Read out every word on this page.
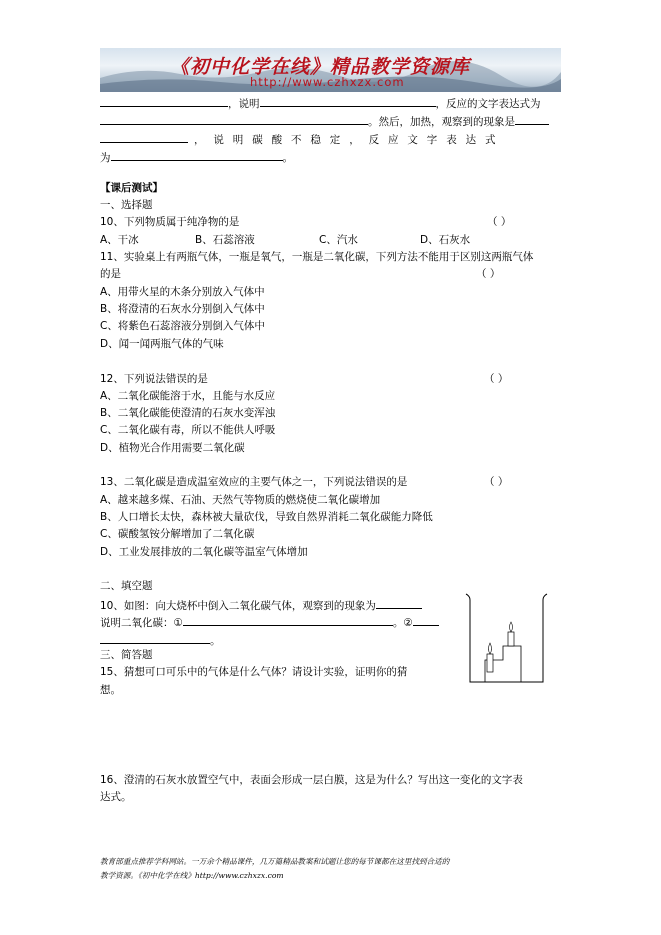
《初中化学在线》精品教学资源库
http://www.czhxzx.com
，说明	，反应的文字表达式为
。然后，加热，观察到的现象是
，说明碳酸不稳定，反应文字表达式
为	。
【课后测试】
一、选择题
10、下列物质属于纯净物的是	（ ）
A、干冰	B、石蕊溶液	C、汽水	D、石灰水
11、实验桌上有两瓶气体，一瓶是氧气，一瓶是二氧化碳，下列方法不能用于区别这两瓶气体
的是	（ ）
A、用带火星的木条分别放入气体中
B、将澄清的石灰水分别倒入气体中
C、将紫色石蕊溶液分别倒入气体中
D、闻一闻两瓶气体的气味
12、下列说法错误的是	（ ）
A、二氧化碳能溶于水，且能与水反应
B、二氧化碳能使澄清的石灰水变浑浊
C、二氧化碳有毒，所以不能供人呼吸
D、植物光合作用需要二氧化碳
13、二氧化碳是造成温室效应的主要气体之一，下列说法错误的是	（ ）
A、越来越多煤、石油、天然气等物质的燃烧使二氧化碳增加
B、人口增长太快，森林被大量砍伐，导致自然界消耗二氧化碳能力降低
C、碳酸氢铵分解增加了二氧化碳
D、工业发展排放的二氧化碳等温室气体增加
二、填空题
10、如图：向大烧杯中倒入二氧化碳气体，观察到的现象为
说明二氧化碳：①	。②
。
三、简答题
15、猜想可口可乐中的气体是什么气体？请设计实验，证明你的猜
想。
16、澄清的石灰水放置空气中，表面会形成一层白膜，这是为什么？写出这一变化的文字表
达式。
教育部重点推荐学科网站。一万余个精品课件，几万篇精品教案和试题让您的每节课都在这里找到合适的
教学资源。《初中化学在线》http://www.czhxzx.com
